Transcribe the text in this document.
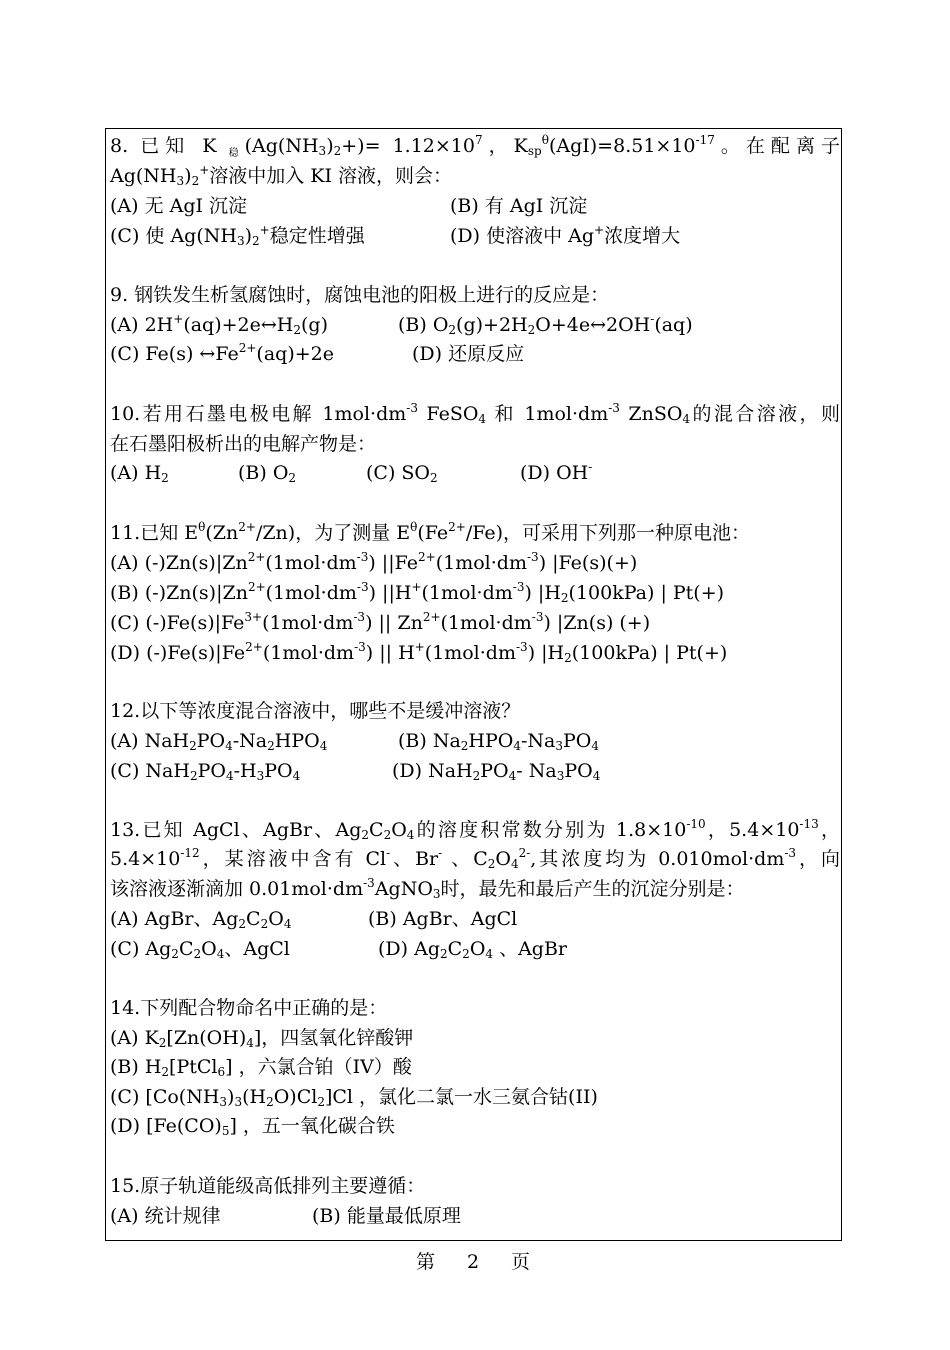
8. 已知 K $_稳(Ag(NH_3)_2+)= 1.12\times 10^7$，$K_{sp}^\theta(AgI)=8.51\times 10^{-17}$。在配离子
$Ag(NH_3)_2^+$溶液中加入 KI 溶液，则会：
(A) 无 AgI 沉淀	(B) 有 AgI 沉淀
(C) 使 $Ag(NH_3)_2^+$稳定性增强	(D) 使溶液中 Ag+浓度增大
9. 钢铁发生析氢腐蚀时，腐蚀电池的阳极上进行的反应是：
(A) $2H^+(aq)+2e\leftrightarrow H_2(g)$	(B) $O_2(g)+2H_2O+4e\leftrightarrow 2OH^-(aq)$
(C) Fe(s) $\leftrightarrow Fe^{2+}(aq)+2e$	(D) 还原反应
10.若用石墨电极电解 $1mol\cdot dm^{-3}$ FeSO$_4$ 和 $1mol\cdot dm^{-3}$ ZnSO$_4$的混合溶液，则
在石墨阳极析出的电解产物是：
(A) $H_2$	(B) $O_2$	(C) $SO_2$	(D) OH-
11.已知 $E^\theta(Zn^{2+}/Zn)$，为了测量 $E^\theta(Fe^{2+}/Fe)$，可采用下列那一种原电池：
(A) $(-)Zn(s)|Zn^{2+}(1mol\cdot dm^{-3})$ $||Fe^{2+}(1mol\cdot dm^{-3})$ |Fe(s)(+)
(B) $(-)Zn(s)|Zn^{2+}(1mol\cdot dm^{-3})$ $||H^+(1mol\cdot dm^{-3})$ $|H_2(100kPa)$ | Pt(+)
(C) $(-)Fe(s)|Fe^{3+}(1mol\cdot dm^{-3})$ || $Zn^{2+}(1mol\cdot dm^{-3})$ |Zn(s) (+)
(D) $(-)Fe(s)|Fe^{2+}(1mol\cdot dm^{-3})$ || $H^+(1mol\cdot dm^{-3})$ $|H_2(100kPa)$ | Pt(+)
12.以下等浓度混合溶液中，哪些不是缓冲溶液？
(A) $NaH_2PO_4-Na_2HPO_4$	(B) $Na_2HPO_4-Na_3PO_4$
(C) $NaH_2PO_4-H_3PO_4$	(D) $NaH_2PO_4-$ $Na_3PO_4$
13.已知 AgCl、AgBr、$Ag_2C_2O_4$的溶度积常数分别为 $1.8\times 10^{-10}$，$5.4\times 10^{-13}$，
$5.4\times 10^{-12}$，某溶液中含有 Cl-、Br- 、$C_2O_4^{2-}$,其浓度均为 $0.010mol\cdot dm^{-3}$，向
该溶液逐渐滴加 $0.01mol\cdot dm^{-3}AgNO_3$时，最先和最后产生的沉淀分别是：
(A) AgBr、$Ag_2C_2O_4$	(B) AgBr、AgCl
(C) $Ag_2C_2O_4$、AgCl	(D) $Ag_2C_2O_4$ 、AgBr
14.下列配合物命名中正确的是：
(A) $K_2[Zn(OH)_4]$，四氢氧化锌酸钾
(B) $H_2[PtCl_6]$ ，六氯合铂（IV）酸
(C) $[Co(NH_3)_3(H_2O)Cl_2]Cl$ ，氯化二氯一水三氨合钴(II)
(D) $[Fe(CO)_5]$ ，五一氧化碳合铁
15.原子轨道能级高低排列主要遵循：
(A) 统计规律	(B) 能量最低原理
第 2 页
